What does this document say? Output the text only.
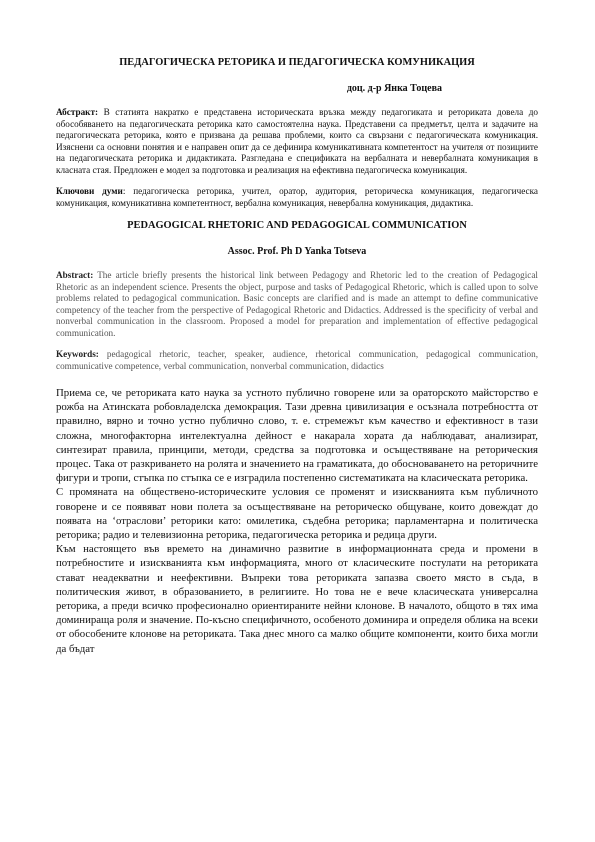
ПЕДАГОГИЧЕСКА РЕТОРИКА И ПЕДАГОГИЧЕСКА КОМУНИКАЦИЯ

доц. д-р Янка Тоцева

Абстракт: В статията накратко е представена историческата връзка между педагогиката и реториката довела до обособяването на педагогическата реторика като самостоятелна наука. Представени са предметът, целта и задачите на педагогическата реторика, която е призвана да решава проблеми, които са свързани с педагогическата комуникация. Изяснени са основни понятия и е направен опит да се дефинира комуникативната компетентост на учителя от позициите на педагогическата реторика и дидактиката. Разгледана е спецификата на вербалната и невербалната комуникация в класната стая. Предложен е модел за подготовка и реализация на ефективна педагогическа комуникация.

Ключови думи: педагогическа реторика, учител, оратор, аудитория, реторическа комуникация, педагогическа комуникация, комуникативна компетентност, вербална комуникация, невербална комуникация, дидактика.

PEDAGOGICAL RHETORIC AND PEDAGOGICAL COMMUNICATION

Assoc. Prof. Ph D Yanka Totseva

Abstract: The article briefly presents the historical link between Pedagogy and Rhetoric led to the creation of Pedagogical Rhetoric as an independent science. Presents the object, purpose and tasks of Pedagogical Rhetoric, which is called upon to solve problems related to pedagogical communication. Basic concepts are clarified and is made an attempt to define communicative competency of the teacher from the perspective of Pedagogical Rhetoric and Didactics. Addressed is the specificity of verbal and nonverbal communication in the classroom. Proposed a model for preparation and implementation of effective pedagogical communication.

Keywords: pedagogical rhetoric, teacher, speaker, audience, rhetorical communication, pedagogical communication, communicative competence, verbal communication, nonverbal communication, didactics

Приема се, че реториката като наука за устното публично говорене или за ораторското майсторство е рожба на Атинската робовладелска демокрация. Тази древна цивилизация е осъзнала потребността от правилно, вярно и точно устно публично слово, т. е. стремежът към качество и ефективност в тази сложна, многофакторна интелектуална дейност е накарала хората да наблюдават, анализират, синтезират правила, принципи, методи, средства за подготовка и осъществяване на реторическия процес. Така от разкриването на ролята и значението на граматиката, до обосноваването на реторичните фигури и тропи, стъпка по стъпка се е изградила постепенно систематиката на класическата реторика.

С промяната на обществено-историческите условия се променят и изискванията към публичното говорене и се появяват нови полета за осъществяване на реторическо общуване, които довеждат до появата на ‘отраслови’ реторики като: омилетика, съдебна реторика; парламентарна и политическа реторика; радио и телевизионна реторика, педагогическа реторика и редица други.

Към настоящето във времето на динамично развитие в информационната среда и промени в потребностите и изискванията към информацията, много от класическите постулати на реториката стават неадекватни и неефективни. Въпреки това реториката запазва своето място в съда, в политическия живот, в образованието, в религиите. Но това не е вече класическата универсална реторика, а преди всичко професионално ориентираните нейни клонове. В началото, общото в тях има доминираща роля и значение. По-късно специфичното, особеното доминира и определя облика на всеки от обособените клонове на реториката. Така днес много са малко общите компоненти, които биха могли да бъдат
